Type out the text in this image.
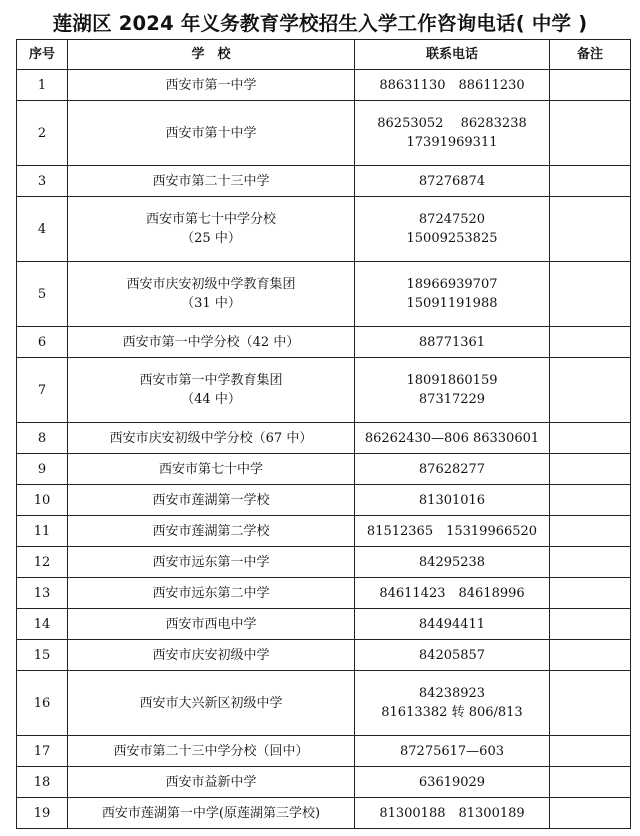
莲湖区 2024 年义务教育学校招生入学工作咨询电话( 中学 )
序号	学　校	联系电话	备注
1	西安市第一中学	88631130　88611230	
2	西安市第十中学	86253052　 86283238
17391969311	
3	西安市第二十三中学	87276874	
4	西安市第七十中学分校
（25 中）	87247520
15009253825	
5	西安市庆安初级中学教育集团
（31 中）	18966939707
15091191988	
6	西安市第一中学分校（42 中）	88771361	
7	西安市第一中学教育集团
（44 中）	18091860159
87317229	
8	西安市庆安初级中学分校（67 中）	86262430—806 86330601	
9	西安市第七十中学	87628277	
10	西安市莲湖第一学校	81301016	
11	西安市莲湖第二学校	81512365　15319966520	
12	西安市远东第一中学	84295238	
13	西安市远东第二中学	84611423　84618996	
14	西安市西电中学	84494411	
15	西安市庆安初级中学	84205857	
16	西安市大兴新区初级中学	84238923
81613382 转 806/813	
17	西安市第二十三中学分校（回中）	87275617—603	
18	西安市益新中学	63619029	
19	西安市莲湖第一中学(原莲湖第三学校)	81300188　81300189	
